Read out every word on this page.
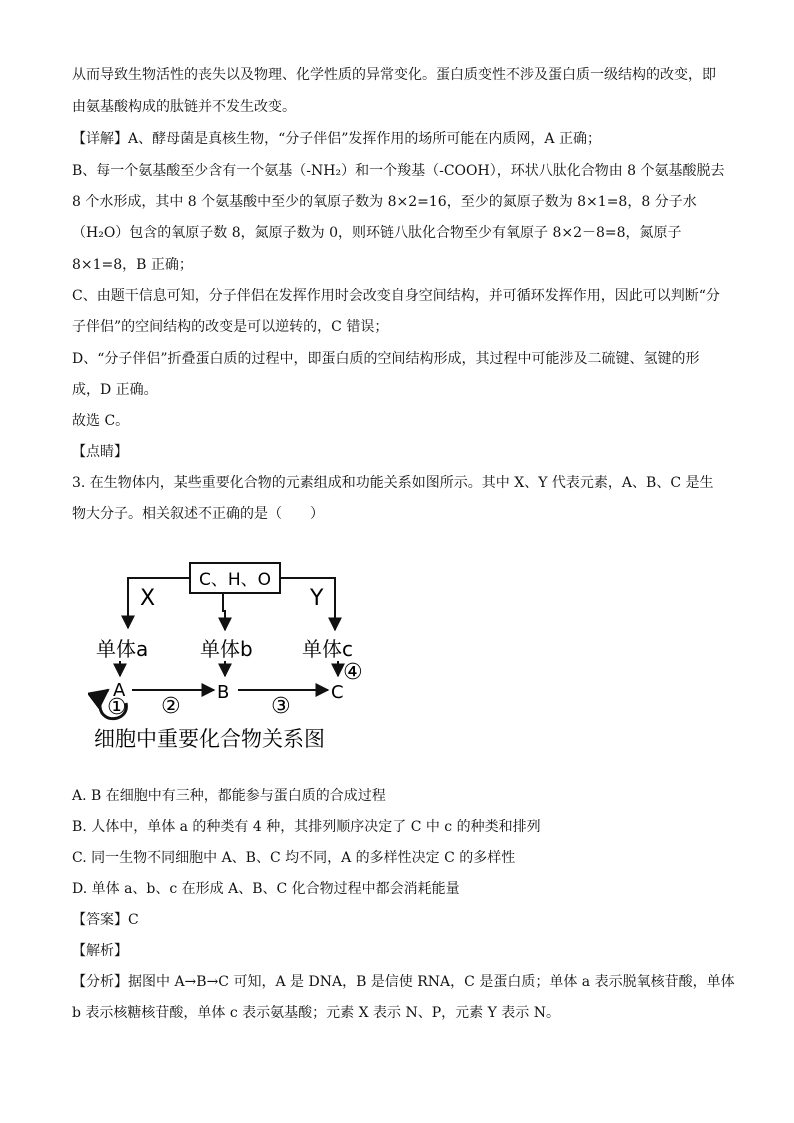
从而导致生物活性的丧失以及物理、化学性质的异常变化。蛋白质变性不涉及蛋白质一级结构的改变，即
由氨基酸构成的肽链并不发生改变。
【详解】A、酵母菌是真核生物，“分子伴侣”发挥作用的场所可能在内质网，A 正确；
B、每一个氨基酸至少含有一个氨基（-NH₂）和一个羧基（-COOH），环状八肽化合物由 8 个氨基酸脱去
8 个水形成，其中 8 个氨基酸中至少的氧原子数为 8×2=16，至少的氮原子数为 8×1=8，8 分子水
（H₂O）包含的氧原子数 8，氮原子数为 0，则环链八肽化合物至少有氧原子 8×2－8=8，氮原子
8×1=8，B 正确；
C、由题干信息可知，分子伴侣在发挥作用时会改变自身空间结构，并可循环发挥作用，因此可以判断“分
子伴侣”的空间结构的改变是可以逆转的，C 错误；
D、“分子伴侣”折叠蛋白质的过程中，即蛋白质的空间结构形成，其过程中可能涉及二硫键、氢键的形
成，D 正确。
故选 C。
【点睛】
3. 在生物体内，某些重要化合物的元素组成和功能关系如图所示。其中 X、Y 代表元素，A、B、C 是生
物大分子。相关叙述不正确的是（　　）
C、H、O
X	Y
单体a	单体b 单体c
A	B	C
① ②	③
④
细胞中重要化合物关系图
A. B 在细胞中有三种，都能参与蛋白质的合成过程
B. 人体中，单体 a 的种类有 4 种，其排列顺序决定了 C 中 c 的种类和排列
C. 同一生物不同细胞中 A、B、C 均不同，A 的多样性决定 C 的多样性
D. 单体 a、b、c 在形成 A、B、C 化合物过程中都会消耗能量
【答案】C
【解析】
【分析】据图中 A→B→C 可知，A 是 DNA，B 是信使 RNA，C 是蛋白质；单体 a 表示脱氧核苷酸，单体
b 表示核糖核苷酸，单体 c 表示氨基酸；元素 X 表示 N、P，元素 Y 表示 N。
